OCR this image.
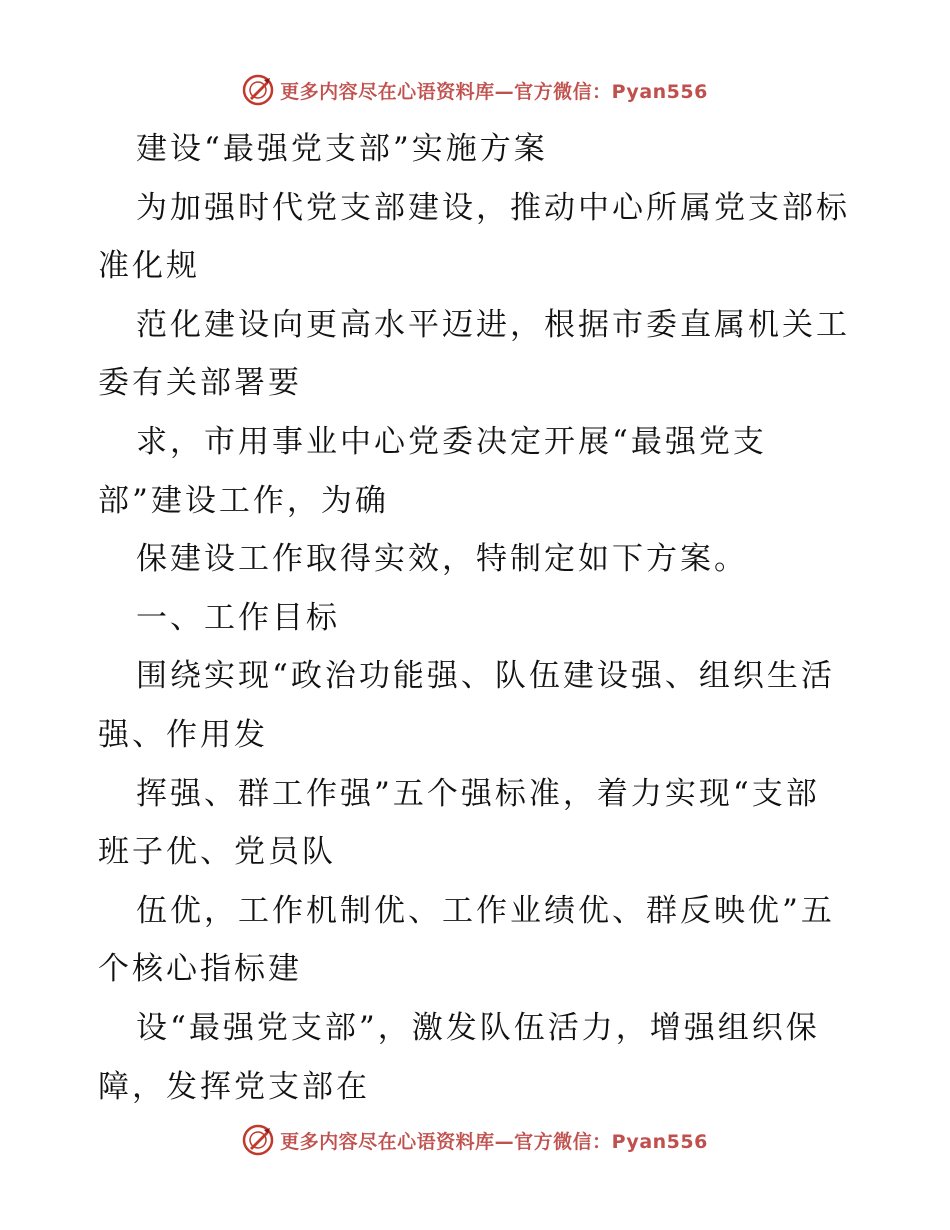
更多内容尽在心语资料库—官方微信：Pyan556
建设“最强党支部”实施方案
为加强时代党支部建设，推动中心所属党支部标
准化规
范化建设向更高水平迈进，根据市委直属机关工
委有关部署要
求，市用事业中心党委决定开展“最强党支
部”建设工作，为确
保建设工作取得实效，特制定如下方案。
一、工作目标
围绕实现“政治功能强、队伍建设强、组织生活
强、作用发
挥强、群工作强”五个强标准，着力实现“支部
班子优、党员队
伍优，工作机制优、工作业绩优、群反映优”五
个核心指标建
设“最强党支部”，激发队伍活力，增强组织保
障，发挥党支部在
更多内容尽在心语资料库—官方微信：Pyan556
